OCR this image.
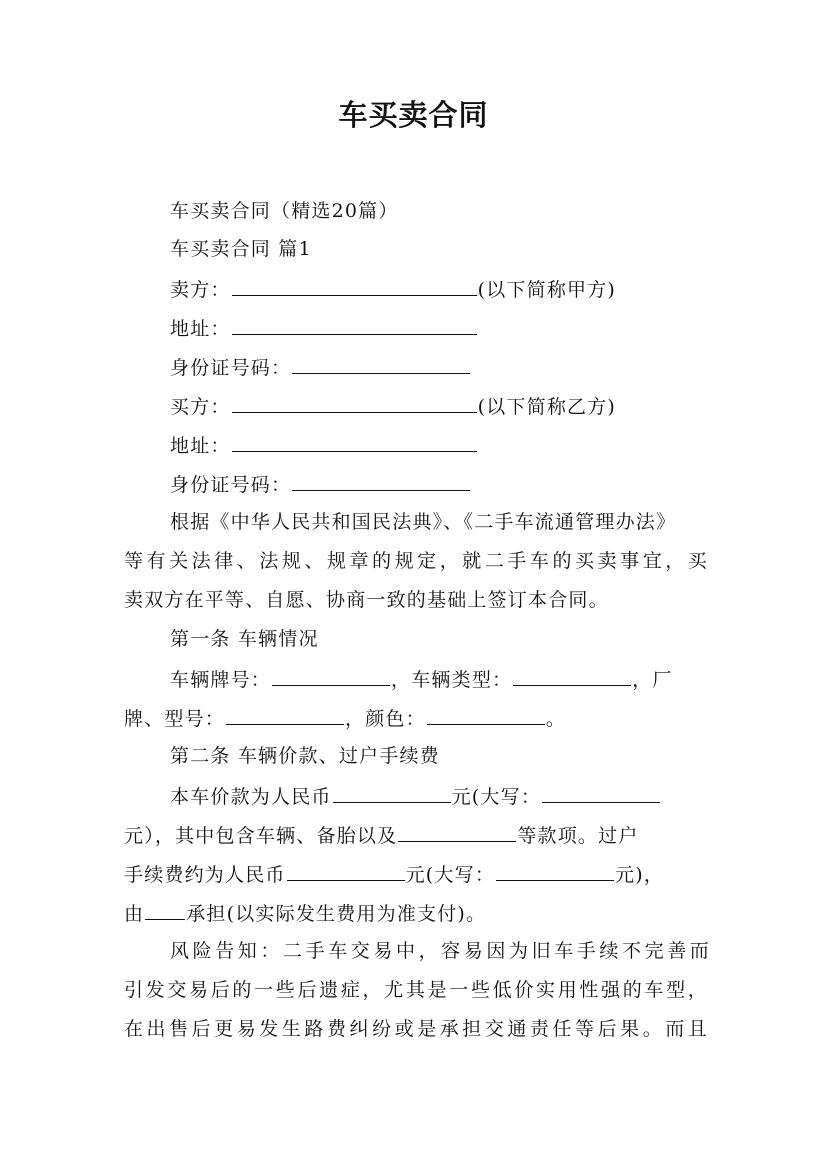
车买卖合同
车买卖合同（精选20篇）
车买卖合同 篇1
卖方：	(以下简称甲方)
地址：
身份证号码：
买方：	(以下简称乙方)
地址：
身份证号码：
根据《中华人民共和国民法典》、《二手车流通管理办法》
等有关法律、法规、规章的规定，就二手车的买卖事宜，买
卖双方在平等、自愿、协商一致的基础上签订本合同。
第一条 车辆情况
车辆牌号：	，车辆类型：	，厂
牌、型号：	，颜色：	。
第二条 车辆价款、过户手续费
本车价款为人民币	元(大写：
元），其中包含车辆、备胎以及	等款项。过户
手续费约为人民币	元(大写：	元)，
由 承担(以实际发生费用为准支付)。
风险告知：二手车交易中，容易因为旧车手续不完善而
引发交易后的一些后遗症，尤其是一些低价实用性强的车型，
在出售后更易发生路费纠纷或是承担交通责任等后果。而且
